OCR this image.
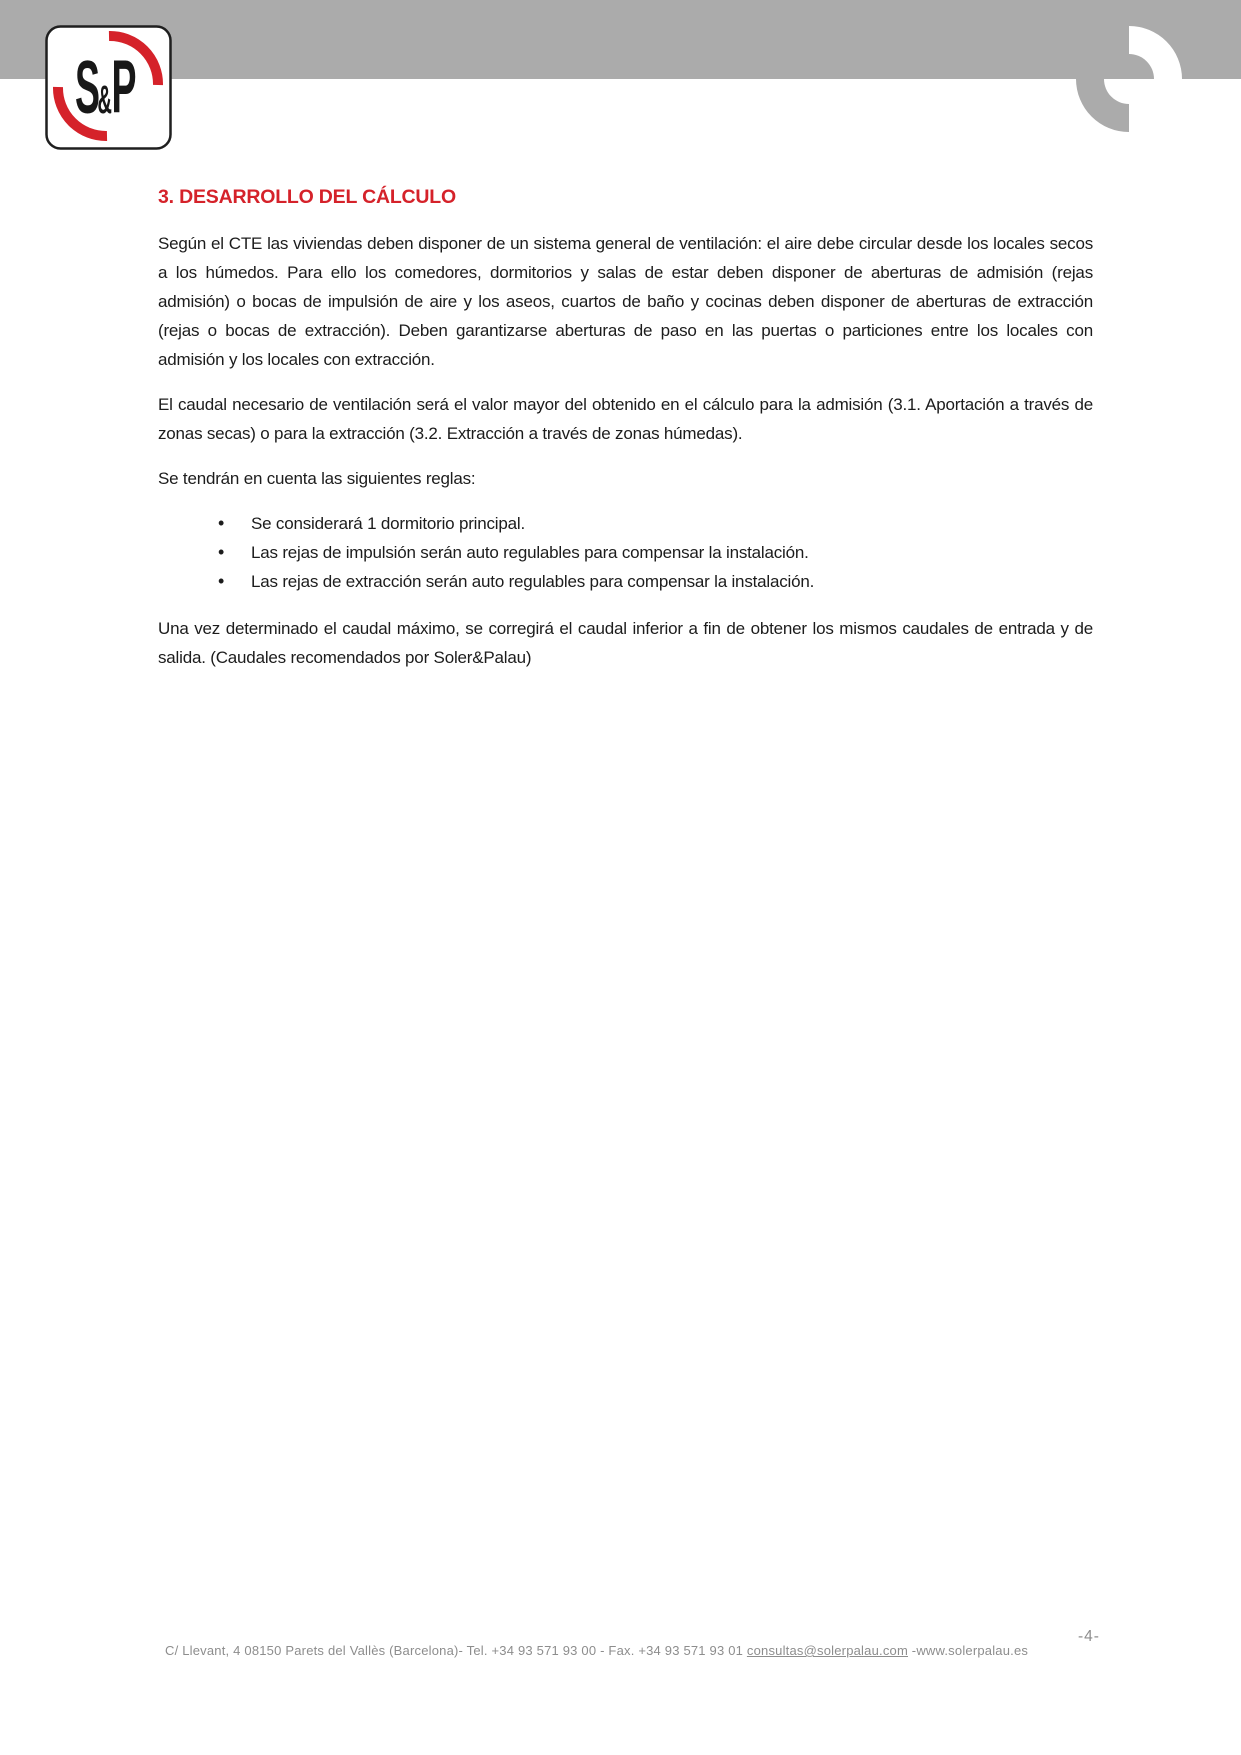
S
& P
3. DESARROLLO DEL CÁLCULO

Según el CTE las viviendas deben disponer de un sistema general de ventilación: el aire debe circular desde los locales secos a los húmedos. Para ello los comedores, dormitorios y salas de estar deben disponer de aberturas de admisión (rejas admisión) o bocas de impulsión de aire y los aseos, cuartos de baño y cocinas deben disponer de aberturas de extracción (rejas o bocas de extracción). Deben garantizarse aberturas de paso en las puertas o particiones entre los locales con admisión y los locales con extracción.

El caudal necesario de ventilación será el valor mayor del obtenido en el cálculo para la admisión (3.1. Aportación a través de zonas secas) o para la extracción (3.2. Extracción a través de zonas húmedas).

Se tendrán en cuenta las siguientes reglas:

• Se considerará 1 dormitorio principal.
• Las rejas de impulsión serán auto regulables para compensar la instalación.
• Las rejas de extracción serán auto regulables para compensar la instalación.

Una vez determinado el caudal máximo, se corregirá el caudal inferior a fin de obtener los mismos caudales de entrada y de salida. (Caudales recomendados por Soler&Palau)

C/ Llevant, 4 08150 Parets del Vallès (Barcelona)- Tel. +34 93 571 93 00 - Fax. +34 93 571 93 01 consultas@solerpalau.com -www.solerpalau.es
-4-
